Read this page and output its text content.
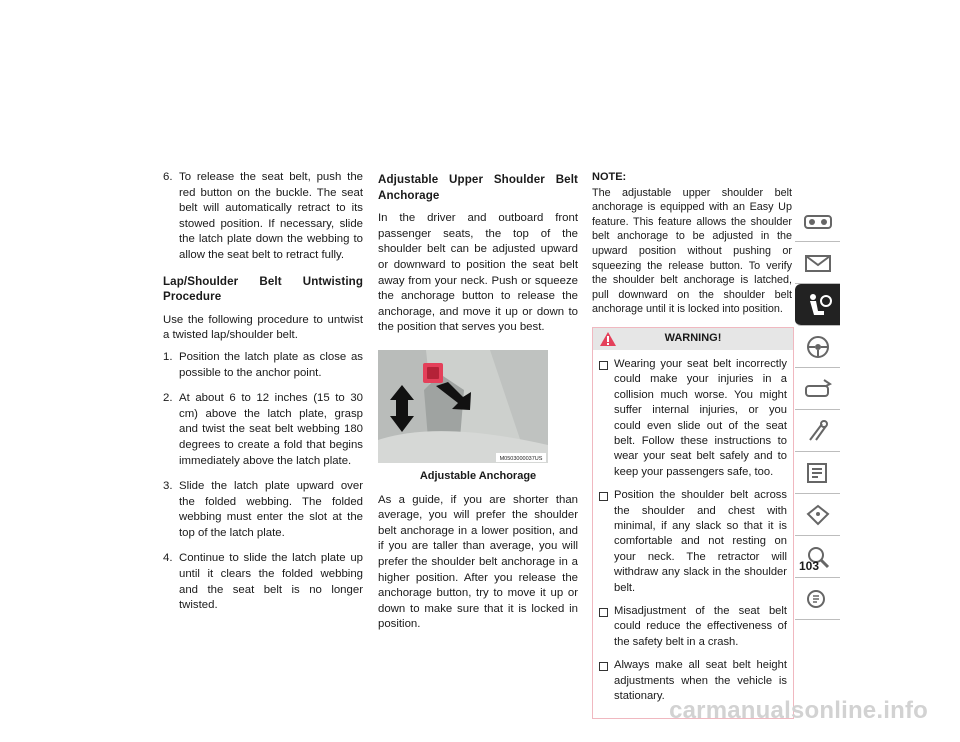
6. To release the seat belt, push the red button on the buckle. The seat belt will automatically retract to its stowed position. If necessary, slide the latch plate down the webbing to allow the seat belt to retract fully.
Lap/Shoulder Belt Untwisting Procedure

Use the following procedure to untwist a twisted lap/shoulder belt.

1. Position the latch plate as close as possible to the anchor point.
2. At about 6 to 12 inches (15 to 30 cm) above the latch plate, grasp and twist the seat belt webbing 180 degrees to create a fold that begins immediately above the latch plate.
3. Slide the latch plate upward over the folded webbing. The folded webbing must enter the slot at the top of the latch plate.
4. Continue to slide the latch plate up until it clears the folded webbing and the seat belt is no longer twisted.
Adjustable Upper Shoulder Belt Anchorage

In the driver and outboard front passenger seats, the top of the shoulder belt can be adjusted upward or downward to position the seat belt away from your neck. Push or squeeze the anchorage button to release the anchorage, and move it up or down to the position that serves you best.

M0503000037US
Adjustable Anchorage

As a guide, if you are shorter than average, you will prefer the shoulder belt anchorage in a lower position, and if you are taller than average, you will prefer the shoulder belt anchorage in a higher position. After you release the anchorage button, try to move it up or down to make sure that it is locked in position.

NOTE:
The adjustable upper shoulder belt anchorage is equipped with an Easy Up feature. This feature allows the shoulder belt anchorage to be adjusted in the upward position without pushing or squeezing the release button. To verify the shoulder belt anchorage is latched, pull downward on the shoulder belt anchorage until it is locked into position.
WARNING!
Wearing your seat belt incorrectly could make your injuries in a collision much worse. You might suffer internal injuries, or you could even slide out of the seat belt. Follow these instructions to wear your seat belt safely and to keep your passengers safe, too.
Position the shoulder belt across the shoulder and chest with minimal, if any slack so that it is comfortable and not resting on your neck. The retractor will withdraw any slack in the shoulder belt.
Misadjustment of the seat belt could reduce the effectiveness of the safety belt in a crash.
Always make all seat belt height adjustments when the vehicle is stationary.
103
carmanualsonline.info
